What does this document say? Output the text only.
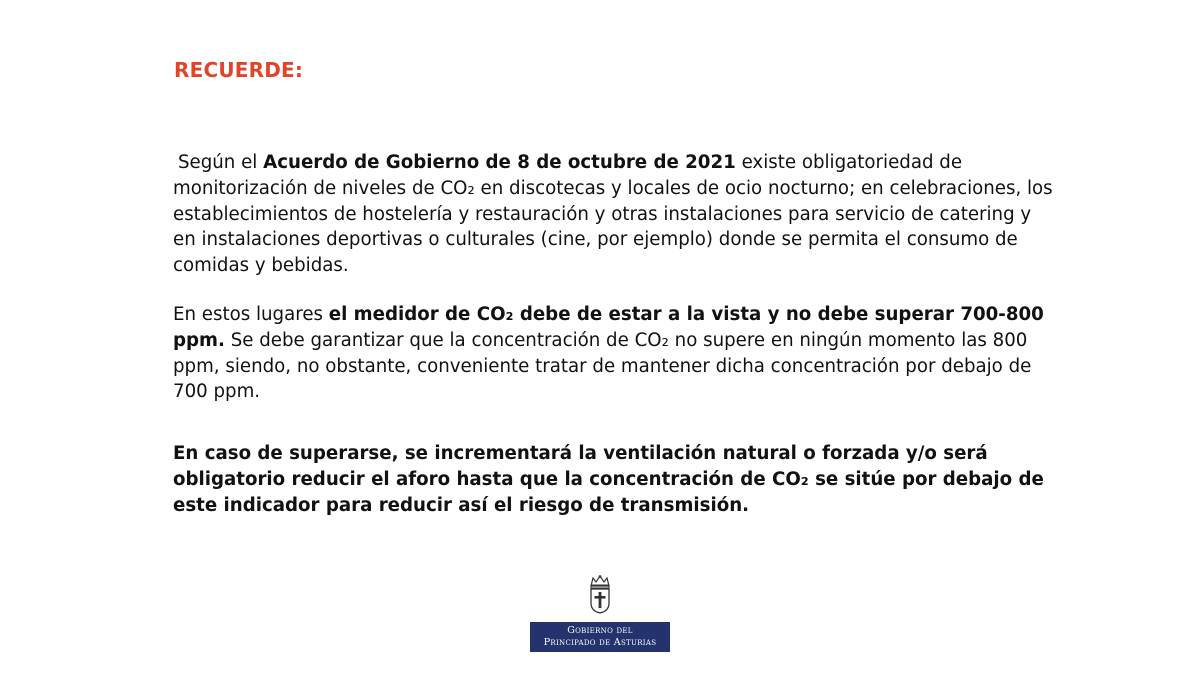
RECUERDE:
Según el Acuerdo de Gobierno de 8 de octubre de 2021 existe obligatoriedad de monitorización de niveles de CO₂ en discotecas y locales de ocio nocturno; en celebraciones, los establecimientos de hostelería y restauración y otras instalaciones para servicio de catering y en instalaciones deportivas o culturales (cine, por ejemplo) donde se permita el consumo de comidas y bebidas.
En estos lugares el medidor de CO₂ debe de estar a la vista y no debe superar 700-800 ppm. Se debe garantizar que la concentración de CO₂ no supere en ningún momento las 800 ppm, siendo, no obstante, conveniente tratar de mantener dicha concentración por debajo de 700 ppm.
En caso de superarse, se incrementará la ventilación natural o forzada y/o será obligatorio reducir el aforo hasta que la concentración de CO₂ se sitúe por debajo de este indicador para reducir así el riesgo de transmisión.
Gobierno del
Principado de Asturias
